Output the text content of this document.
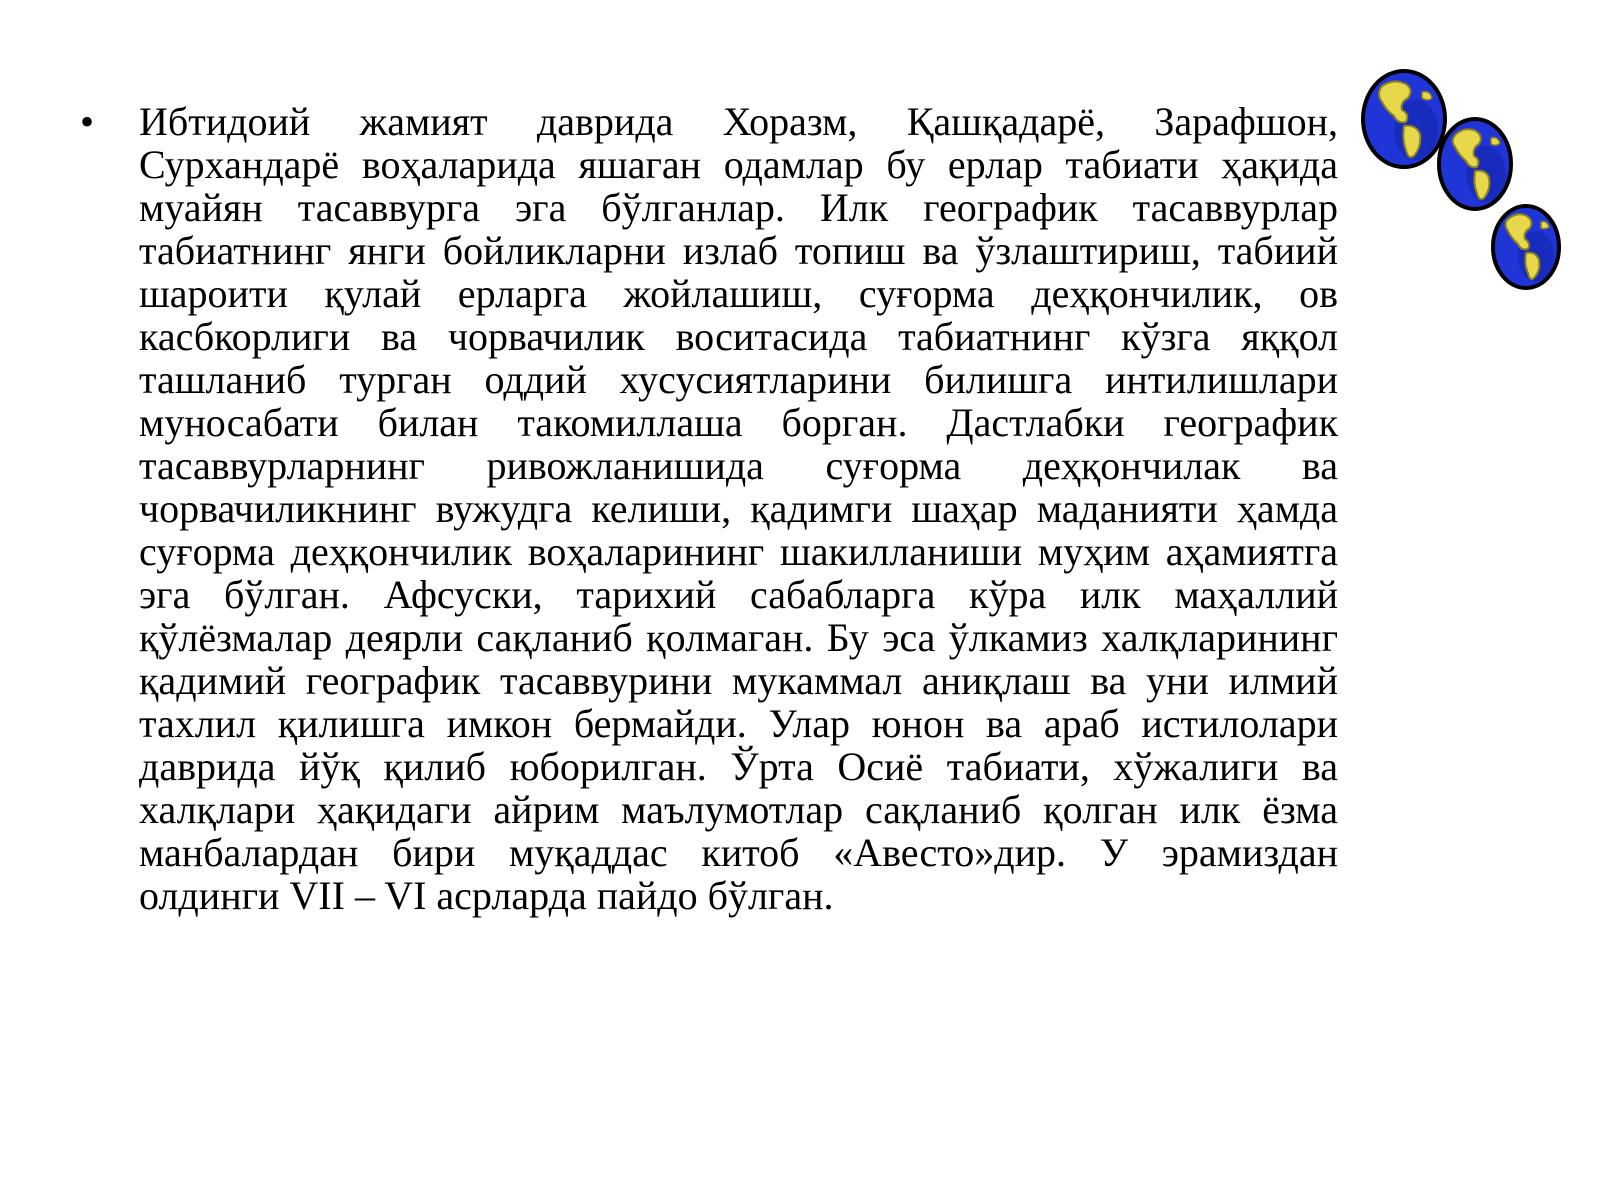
•	Ибтидоий жамият даврида Хоразм, Қашқадарё, Зарафшон, Сурхандарё воҳаларида яшаган одамлар бу ерлар табиати ҳақида муайян тасаввурга эга бўлганлар. Илк географик тасаввурлар табиатнинг янги бойликларни излаб топиш ва ўзлаштириш, табиий шароити қулай ерларга жойлашиш, суғорма деҳқончилик, ов касбкорлиги ва чорвачилик воситасида табиатнинг кўзга яққол ташланиб турган оддий хусусиятларини билишга интилишлари муносабати билан такомиллаша борган. Дастлабки географик тасаввурларнинг ривожланишида суғорма деҳқончилак ва чорвачиликнинг вужудга келиши, қадимги шаҳар маданияти ҳамда суғорма деҳқончилик воҳаларининг шакилланиши муҳим аҳамиятга эга бўлган. Афсуски, тарихий сабабларга кўра илк маҳаллий қўлёзмалар деярли сақланиб қолмаган. Бу эса ўлкамиз халқларининг қадимий географик тасаввурини мукаммал аниқлаш ва уни илмий тахлил қилишга имкон бермайди. Улар юнон ва араб истилолари даврида йўқ қилиб юборилган. Ўрта Осиё табиати, хўжалиги ва халқлари ҳақидаги айрим маълумотлар сақланиб қолган илк ёзма манбалардан бири муқаддас китоб «Авесто»дир. У эрамиздан олдинги VII – VI асрларда пайдо бўлган.
